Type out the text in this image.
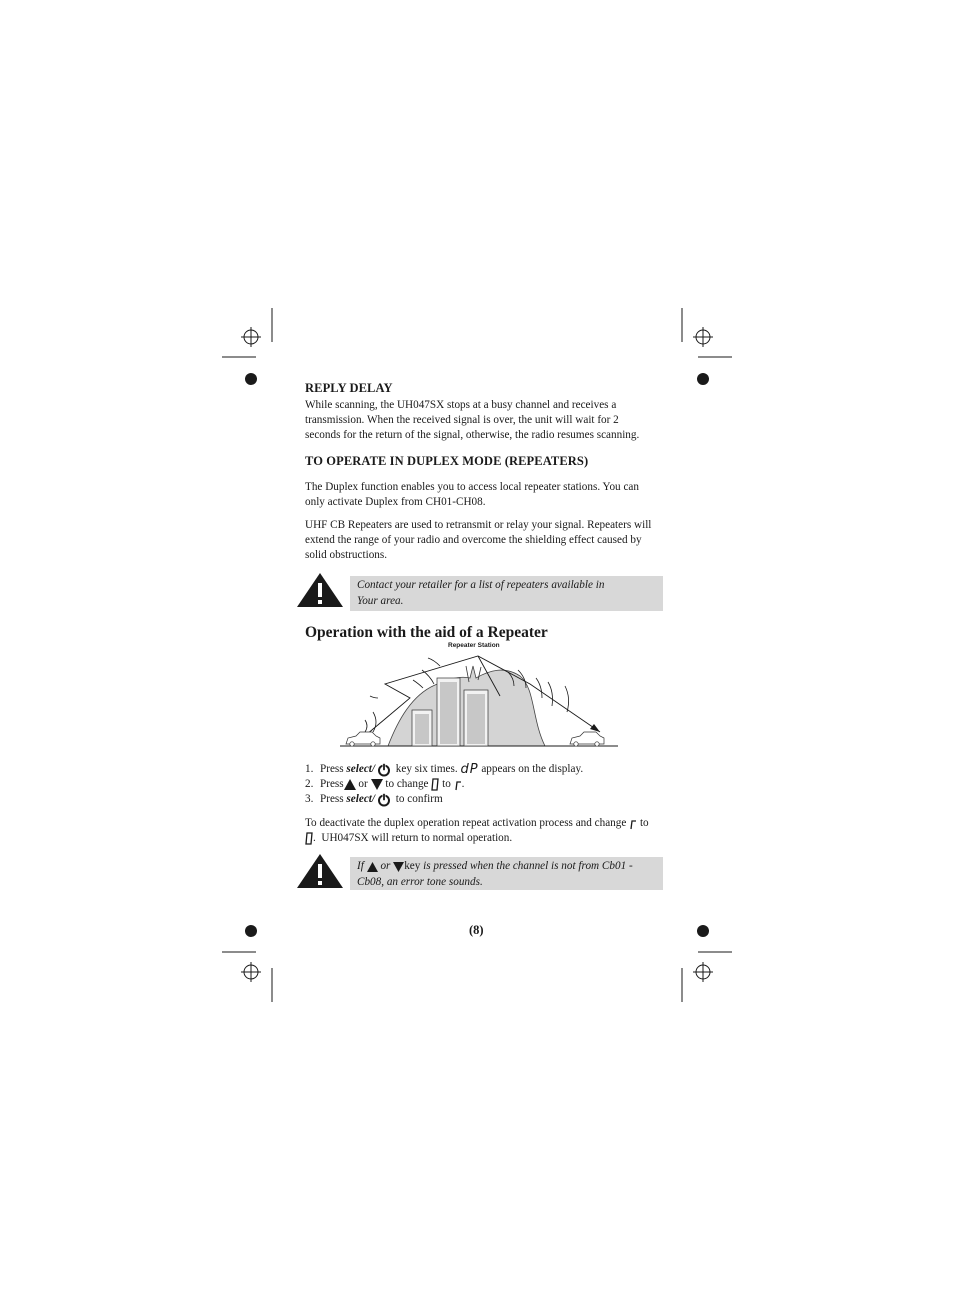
REPLY DELAY
While scanning, the UH047SX stops at a busy channel and receives a
transmission. When the received signal is over, the unit will wait for 2
seconds for the return of the signal, otherwise, the radio resumes scanning.
TO OPERATE IN DUPLEX MODE (REPEATERS)
The Duplex function enables you to access local repeater stations. You can
only activate Duplex from CH01-CH08.
UHF CB Repeaters are used to retransmit or relay your signal. Repeaters will
extend the range of your radio and overcome the shielding effect caused by
solid obstructions.
Contact your retailer for a list of repeaters available in
Your area.
Operation with the aid of a Repeater
Repeater Station
1. Press select/ key six times. dP appears on the display.
2. Press or to change to .
3. Press select/ to confirm
To deactivate the duplex operation repeat activation process and change to
.  UH047SX will return to normal operation.
If or key is pressed when the channel is not from Cb01 -
Cb08, an error tone sounds.
(8)
